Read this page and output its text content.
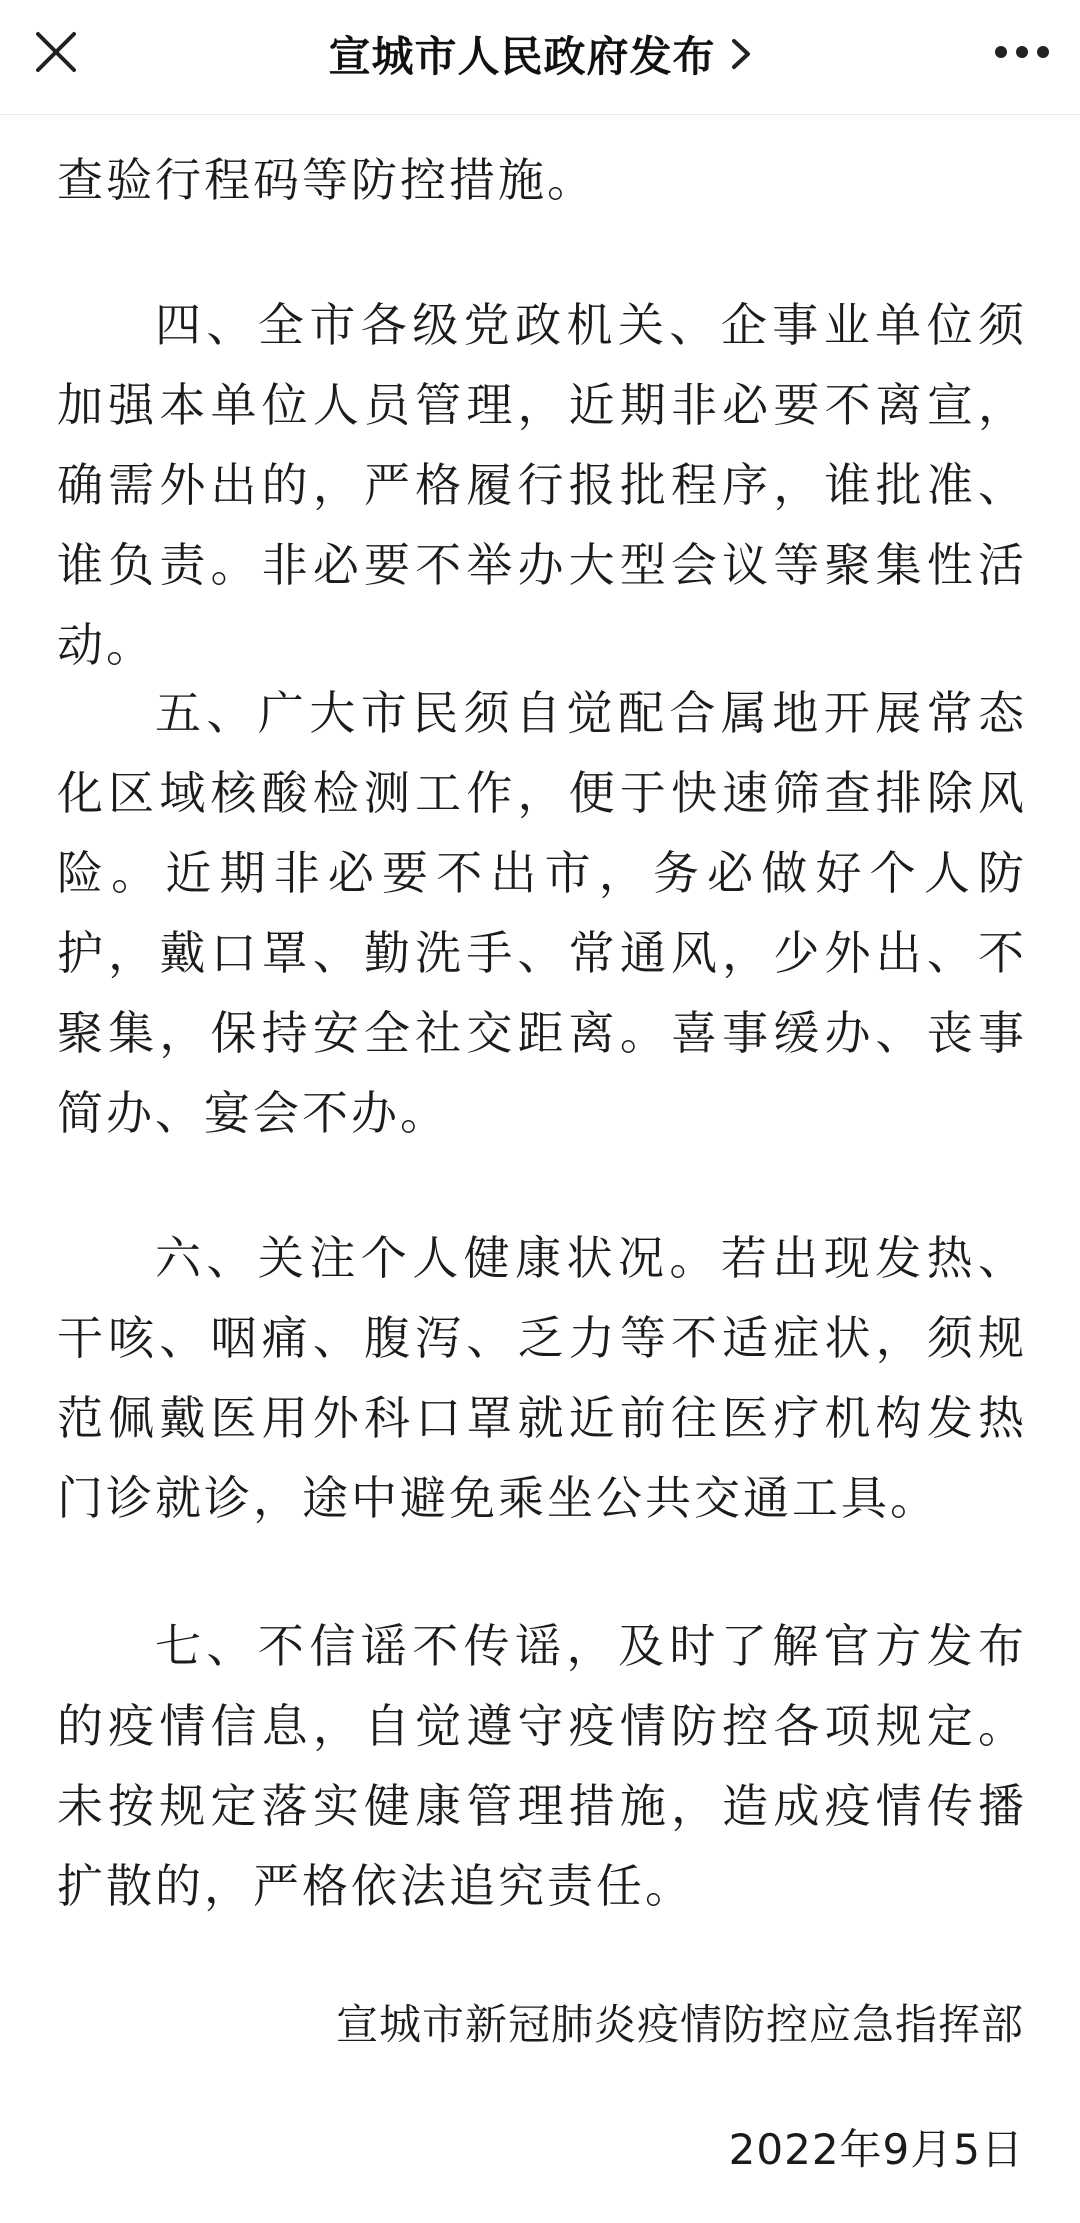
查验行程码等防控措施。

四、全市各级党政机关、企事业单位须加强本单位人员管理，近期非必要不离宣，确需外出的，严格履行报批程序，谁批准、谁负责。非必要不举办大型会议等聚集性活动。

五、广大市民须自觉配合属地开展常态化区域核酸检测工作，便于快速筛查排除风险。近期非必要不出市，务必做好个人防护，戴口罩、勤洗手、常通风，少外出、不聚集，保持安全社交距离。喜事缓办、丧事简办、宴会不办。

六、关注个人健康状况。若出现发热、干咳、咽痛、腹泻、乏力等不适症状，须规范佩戴医用外科口罩就近前往医疗机构发热门诊就诊，途中避免乘坐公共交通工具。

七、不信谣不传谣，及时了解官方发布的疫情信息，自觉遵守疫情防控各项规定。未按规定落实健康管理措施，造成疫情传播扩散的，严格依法追究责任。

宣城市新冠肺炎疫情防控应急指挥部
2022年9月5日
宣城市人民政府发布
